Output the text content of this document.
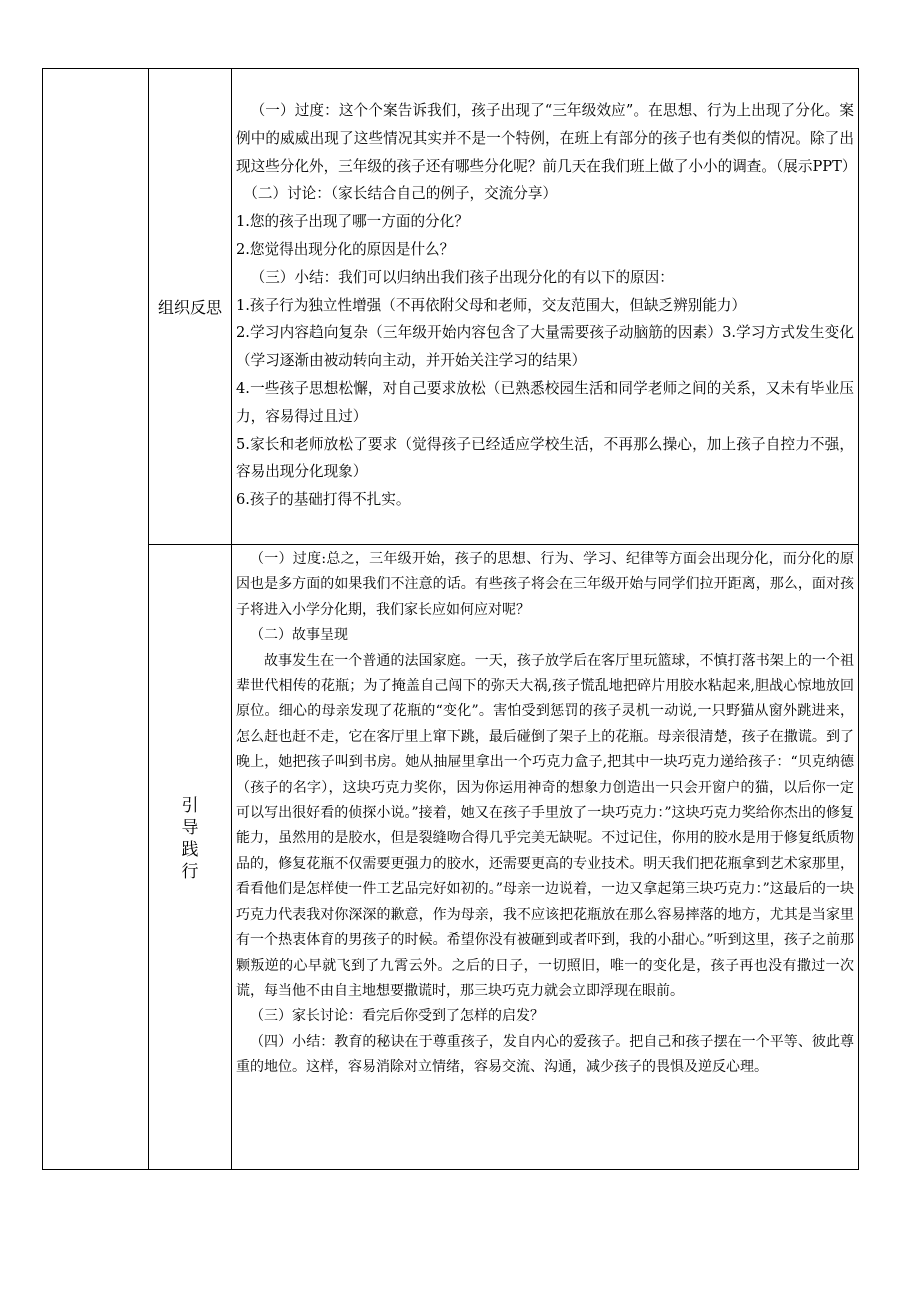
组织反思

（一）过度：这个个案告诉我们，孩子出现了“三年级效应”。在思想、行为上出现了分化。案例中的威威出现了这些情况其实并不是一个特例，在班上有部分的孩子也有类似的情况。除了出现这些分化外，三年级的孩子还有哪些分化呢？前几天在我们班上做了小小的调查。（展示PPT）

（二）讨论：（家长结合自己的例子，交流分享）

1.您的孩子出现了哪一方面的分化？

2.您觉得出现分化的原因是什么？

（三）小结：我们可以归纳出我们孩子出现分化的有以下的原因：

1.孩子行为独立性增强（不再依附父母和老师，交友范围大，但缺乏辨别能力）

2.学习内容趋向复杂（三年级开始内容包含了大量需要孩子动脑筋的因素）3.学习方式发生变化（学习逐渐由被动转向主动，并开始关注学习的结果）

4.一些孩子思想松懈，对自己要求放松（已熟悉校园生活和同学老师之间的关系，又未有毕业压力，容易得过且过）

5.家长和老师放松了要求（觉得孩子已经适应学校生活，不再那么操心，加上孩子自控力不强，容易出现分化现象）

6.孩子的基础打得不扎实。

引
导
践
行

（一）过度:总之，三年级开始，孩子的思想、行为、学习、纪律等方面会出现分化，而分化的原因也是多方面的如果我们不注意的话。有些孩子将会在三年级开始与同学们拉开距离，那么，面对孩子将进入小学分化期，我们家长应如何应对呢？

（二）故事呈现

故事发生在一个普通的法国家庭。一天，孩子放学后在客厅里玩篮球，不慎打落书架上的一个祖辈世代相传的花瓶；为了掩盖自己闯下的弥天大祸,孩子慌乱地把碎片用胶水粘起来,胆战心惊地放回原位。细心的母亲发现了花瓶的“变化”。害怕受到惩罚的孩子灵机一动说,一只野猫从窗外跳进来，怎么赶也赶不走，它在客厅里上窜下跳，最后碰倒了架子上的花瓶。母亲很清楚，孩子在撒谎。到了晚上，她把孩子叫到书房。她从抽屉里拿出一个巧克力盒子,把其中一块巧克力递给孩子：“贝克纳德（孩子的名字），这块巧克力奖你，因为你运用神奇的想象力创造出一只会开窗户的猫，以后你一定可以写出很好看的侦探小说。”接着，她又在孩子手里放了一块巧克力：”这块巧克力奖给你杰出的修复能力，虽然用的是胶水，但是裂缝吻合得几乎完美无缺呢。不过记住，你用的胶水是用于修复纸质物品的，修复花瓶不仅需要更强力的胶水，还需要更高的专业技术。明天我们把花瓶拿到艺术家那里，看看他们是怎样使一件工艺品完好如初的。”母亲一边说着，一边又拿起第三块巧克力：”这最后的一块巧克力代表我对你深深的歉意，作为母亲，我不应该把花瓶放在那么容易摔落的地方，尤其是当家里有一个热衷体育的男孩子的时候。希望你没有被砸到或者吓到，我的小甜心。”听到这里，孩子之前那颗叛逆的心早就飞到了九霄云外。之后的日子，一切照旧，唯一的变化是，孩子再也没有撒过一次谎，每当他不由自主地想要撒谎时，那三块巧克力就会立即浮现在眼前。

（三）家长讨论：看完后你受到了怎样的启发？

（四）小结：教育的秘诀在于尊重孩子，发自内心的爱孩子。把自己和孩子摆在一个平等、彼此尊重的地位。这样，容易消除对立情绪，容易交流、沟通，减少孩子的畏惧及逆反心理。
